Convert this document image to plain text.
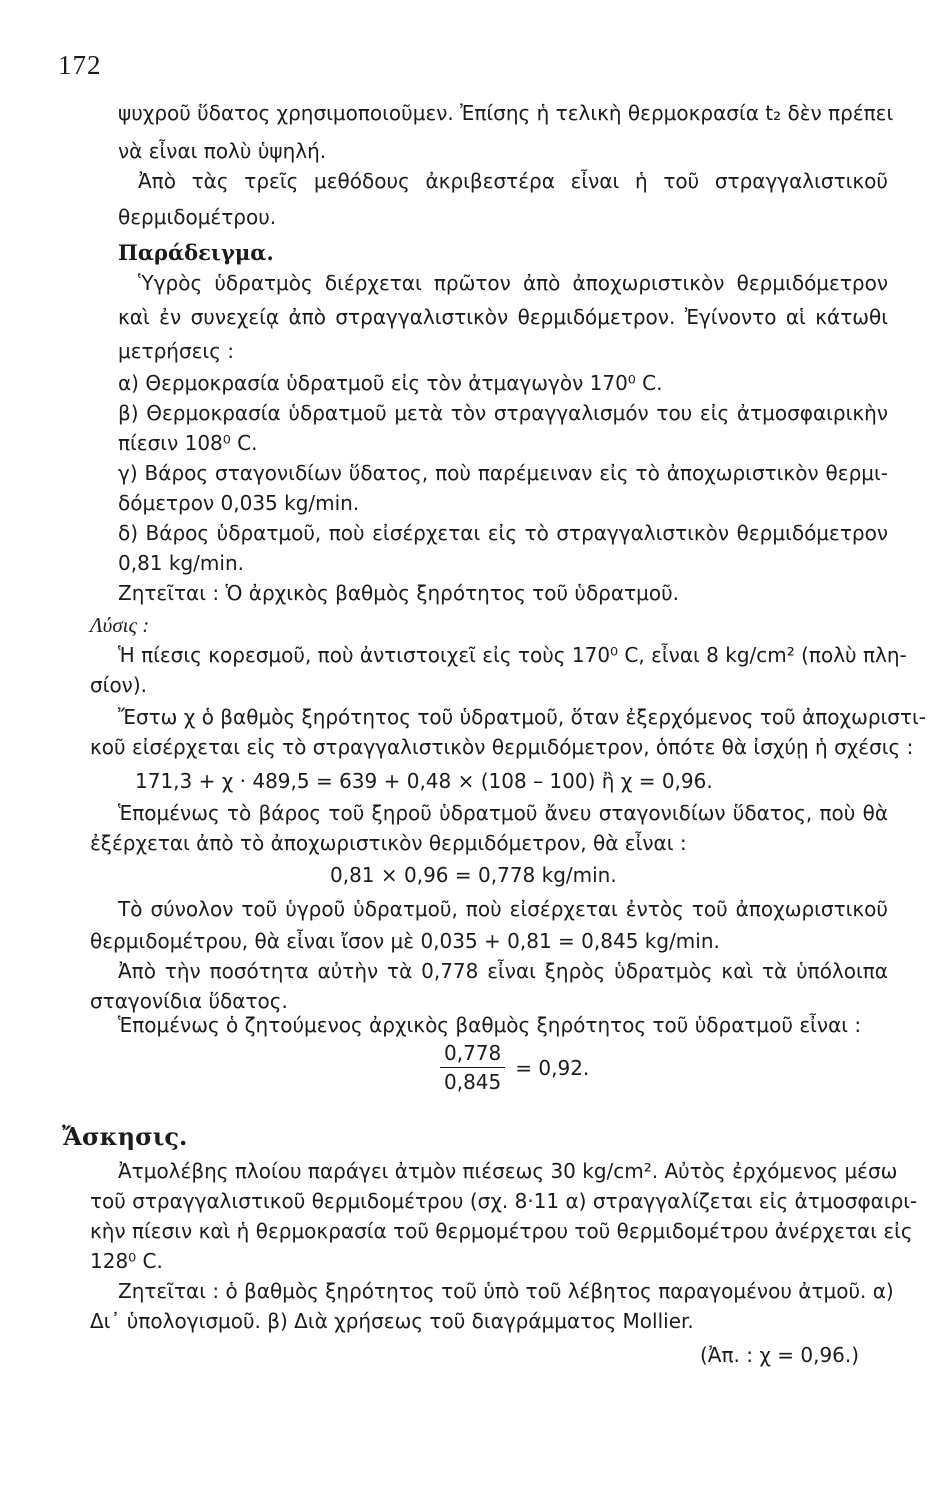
172
ψυχροῦ ὕδατος χρησιμοποιοῦμεν. Ἐπίσης ἡ τελικὴ θερμοκρασία t₂ δὲν πρέπει
νὰ εἶναι πολὺ ὑψηλή.
Ἀπὸ τὰς τρεῖς μεθόδους ἀκριβεστέρα εἶναι ἡ τοῦ στραγγαλιστικοῦ
θερμιδομέτρου.
Παράδειγμα.
Ὑγρὸς ὑδρατμὸς διέρχεται πρῶτον ἀπὸ ἀποχωριστικὸν θερμιδόμετρον
καὶ ἐν συνεχείᾳ ἀπὸ στραγγαλιστικὸν θερμιδόμετρον. Ἐγίνοντο αἱ κάτωθι
μετρήσεις :
α) Θερμοκρασία ὑδρατμοῦ εἰς τὸν ἀτμαγωγὸν 170⁰ C.
β) Θερμοκρασία ὑδρατμοῦ μετὰ τὸν στραγγαλισμόν του εἰς ἀτμοσφαιρικὴν
πίεσιν 108⁰ C.
γ) Βάρος σταγονιδίων ὕδατος, ποὺ παρέμειναν εἰς τὸ ἀποχωριστικὸν θερμι-
δόμετρον 0,035 kg/min.
δ) Βάρος ὑδρατμοῦ, ποὺ εἰσέρχεται εἰς τὸ στραγγαλιστικὸν θερμιδόμετρον
0,81 kg/min.
Ζητεῖται : Ὁ ἀρχικὸς βαθμὸς ξηρότητος τοῦ ὑδρατμοῦ.
Λύσις :
Ἡ πίεσις κορεσμοῦ, ποὺ ἀντιστοιχεῖ εἰς τοὺς 170⁰ C, εἶναι 8 kg/cm² (πολὺ πλη-
σίον).
Ἔστω χ ὁ βαθμὸς ξηρότητος τοῦ ὑδρατμοῦ, ὅταν ἐξερχόμενος τοῦ ἀποχωριστι-
κοῦ εἰσέρχεται εἰς τὸ στραγγαλιστικὸν θερμιδόμετρον, ὁπότε θὰ ἰσχύῃ ἡ σχέσις :
171,3 + χ · 489,5 = 639 + 0,48 × (108 – 100) ἢ χ = 0,96.
Ἑπομένως τὸ βάρος τοῦ ξηροῦ ὑδρατμοῦ ἄνευ σταγονιδίων ὕδατος, ποὺ θὰ
ἐξέρχεται ἀπὸ τὸ ἀποχωριστικὸν θερμιδόμετρον, θὰ εἶναι :
0,81 × 0,96 = 0,778 kg/min.
Τὸ σύνολον τοῦ ὑγροῦ ὑδρατμοῦ, ποὺ εἰσέρχεται ἐντὸς τοῦ ἀποχωριστικοῦ
θερμιδομέτρου, θὰ εἶναι ἴσον μὲ 0,035 + 0,81 = 0,845 kg/min.
Ἀπὸ τὴν ποσότητα αὐτὴν τὰ 0,778 εἶναι ξηρὸς ὑδρατμὸς καὶ τὰ ὑπόλοιπα
σταγονίδια ὕδατος.
Ἑπομένως ὁ ζητούμενος ἀρχικὸς βαθμὸς ξηρότητος τοῦ ὑδρατμοῦ εἶναι :
$\frac{0,778}{0,845} = 0,92$.
Ἄσκησις.
Ἀτμολέβης πλοίου παράγει ἀτμὸν πιέσεως 30 kg/cm². Αὐτὸς ἐρχόμενος μέσω
τοῦ στραγγαλιστικοῦ θερμιδομέτρου (σχ. 8·11 α) στραγγαλίζεται εἰς ἀτμοσφαιρι-
κὴν πίεσιν καὶ ἡ θερμοκρασία τοῦ θερμομέτρου τοῦ θερμιδομέτρου ἀνέρχεται εἰς
128⁰ C.
Ζητεῖται : ὁ βαθμὸς ξηρότητος τοῦ ὑπὸ τοῦ λέβητος παραγομένου ἀτμοῦ. α)
Δι᾿ ὑπολογισμοῦ. β) Διὰ χρήσεως τοῦ διαγράμματος Mollier.
(Ἀπ. : χ = 0,96.)
